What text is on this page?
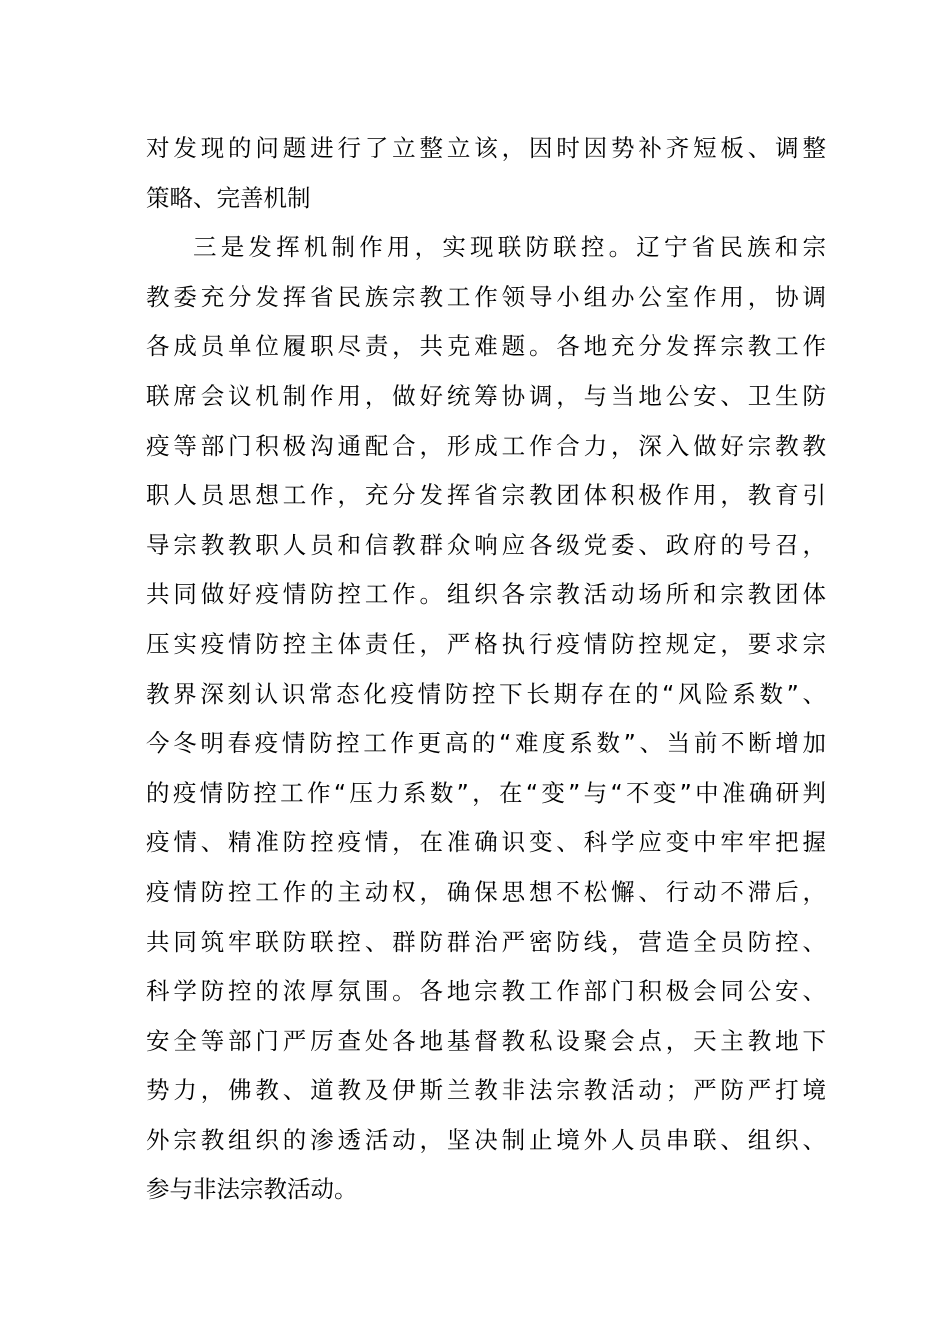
对发现的问题进行了立整立该，因时因势补齐短板、调整
策略、完善机制
三是发挥机制作用，实现联防联控。辽宁省民族和宗
教委充分发挥省民族宗教工作领导小组办公室作用，协调
各成员单位履职尽责，共克难题。各地充分发挥宗教工作
联席会议机制作用，做好统筹协调，与当地公安、卫生防
疫等部门积极沟通配合，形成工作合力，深入做好宗教教
职人员思想工作，充分发挥省宗教团体积极作用，教育引
导宗教教职人员和信教群众响应各级党委、政府的号召，
共同做好疫情防控工作。组织各宗教活动场所和宗教团体
压实疫情防控主体责任，严格执行疫情防控规定，要求宗
教界深刻认识常态化疫情防控下长期存在的“风险系数”、
今冬明春疫情防控工作更高的“难度系数”、当前不断增加
的疫情防控工作“压力系数”，在“变”与“不变”中准确研判
疫情、精准防控疫情，在准确识变、科学应变中牢牢把握
疫情防控工作的主动权，确保思想不松懈、行动不滞后，
共同筑牢联防联控、群防群治严密防线，营造全员防控、
科学防控的浓厚氛围。各地宗教工作部门积极会同公安、
安全等部门严厉查处各地基督教私设聚会点，天主教地下
势力，佛教、道教及伊斯兰教非法宗教活动；严防严打境
外宗教组织的渗透活动，坚决制止境外人员串联、组织、
参与非法宗教活动。
